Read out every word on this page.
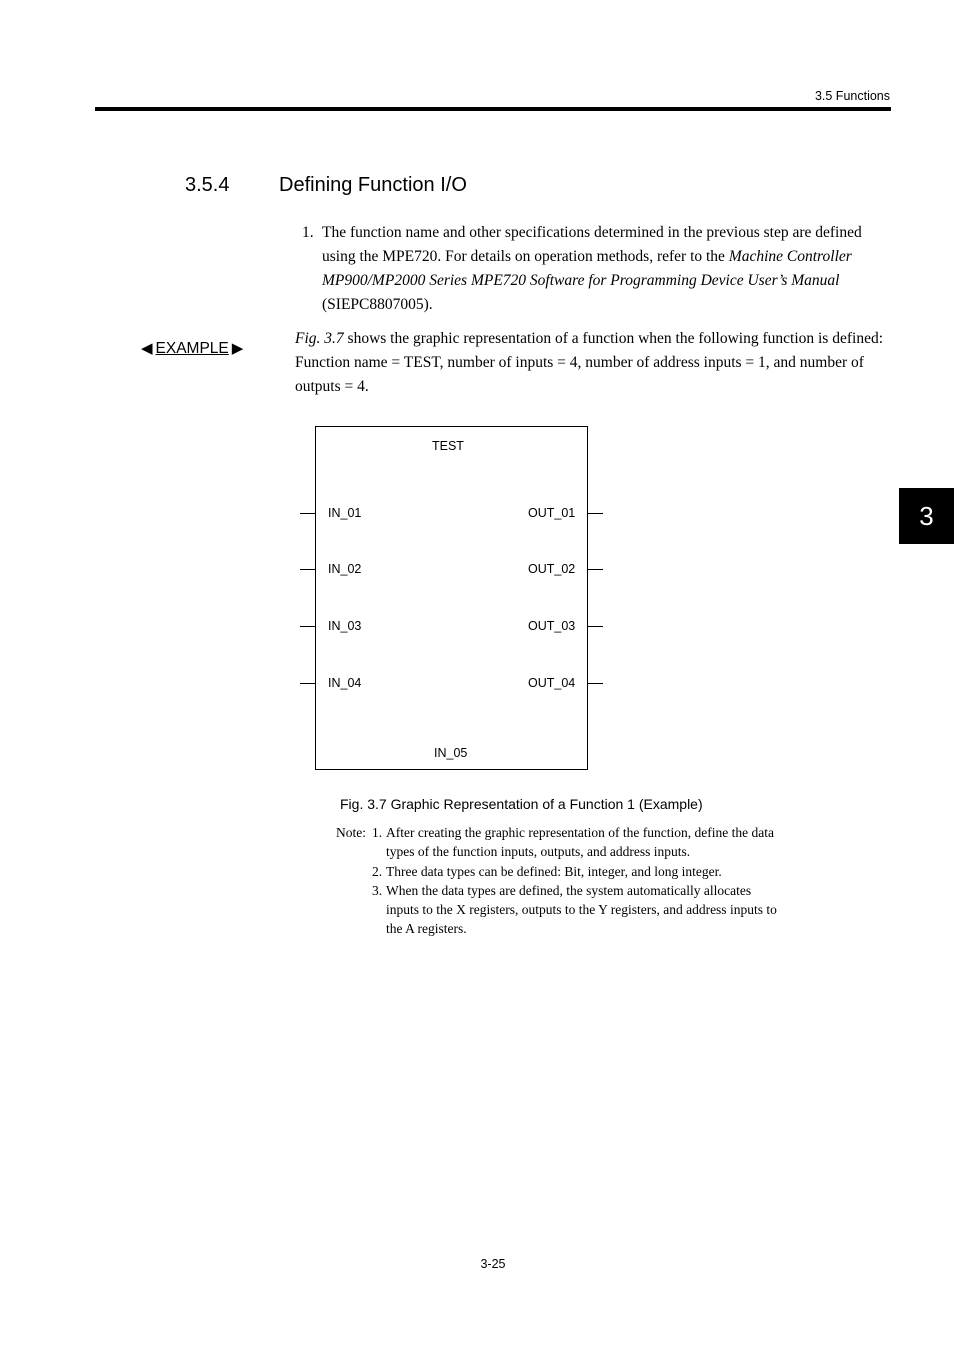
3.5 Functions
3
3.5.4 Defining Function I/O
1. The function name and other specifications determined in the previous step are defined using the MPE720. For details on operation methods, refer to the Machine Controller MP900/MP2000 Series MPE720 Software for Programming Device User’s Manual (SIEPC8807005).
◀ EXAMPLE ▶
Fig. 3.7 shows the graphic representation of a function when the following function is defined: Function name = TEST, number of inputs = 4, number of address inputs = 1, and number of outputs = 4.
TEST
IN_01
IN_02
IN_03
IN_04
OUT_01
OUT_02
OUT_03
OUT_04
IN_05
Fig. 3.7 Graphic Representation of a Function 1 (Example)
Note: 1. After creating the graphic representation of the function, define the data types of the function inputs, outputs, and address inputs.
2. Three data types can be defined: Bit, integer, and long integer.
3. When the data types are defined, the system automatically allocates inputs to the X registers, outputs to the Y registers, and address inputs to the A registers.
3-25
